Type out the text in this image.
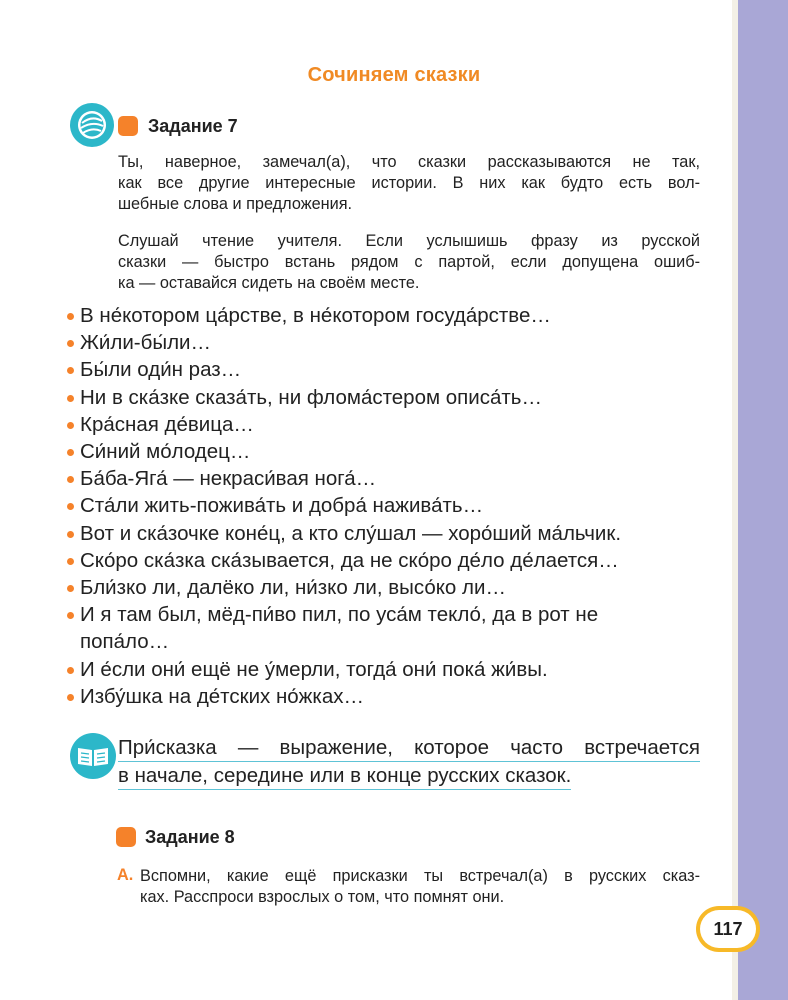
Сочиняем сказки
Задание 7
Ты, наверное, замечал(а), что сказки рассказываются не так,
как все другие интересные истории. В них как будто есть вол-
шебные слова и предложения.
Слушай чтение учителя. Если услышишь фразу из русской
сказки — быстро встань рядом с партой, если допущена ошиб-
ка — оставайся сидеть на своём месте.
В не́котором ца́рстве, в не́котором госуда́рстве…
Жи́ли-бы́ли…
Бы́ли оди́н раз…
Ни в ска́зке сказа́ть, ни флома́стером описа́ть…
Кра́сная де́вица…
Си́ний мо́лодец…
Ба́ба-Яга́ — некраси́вая нога́…
Ста́ли жить-пожива́ть и добра́ нажива́ть…
Вот и ска́зочке коне́ц, а кто слу́шал — хоро́ший ма́льчик.
Ско́ро ска́зка ска́зывается, да не ско́ро де́ло де́лается…
Бли́зко ли, далёко ли, ни́зко ли, высо́ко ли…
И я там был, мёд-пи́во пил, по уса́м текло́, да в рот не
попа́ло…
И е́сли они́ ещё не у́мерли, тогда́ они́ пока́ жи́вы.
Избу́шка на де́тских но́жках…
При́сказка — выражение, которое часто встречается
в начале, середине или в конце русских сказок.
Задание 8
А. Вспомни, какие ещё присказки ты встречал(а) в русских сказ-
ках. Расспроси взрослых о том, что помнят они.
117
